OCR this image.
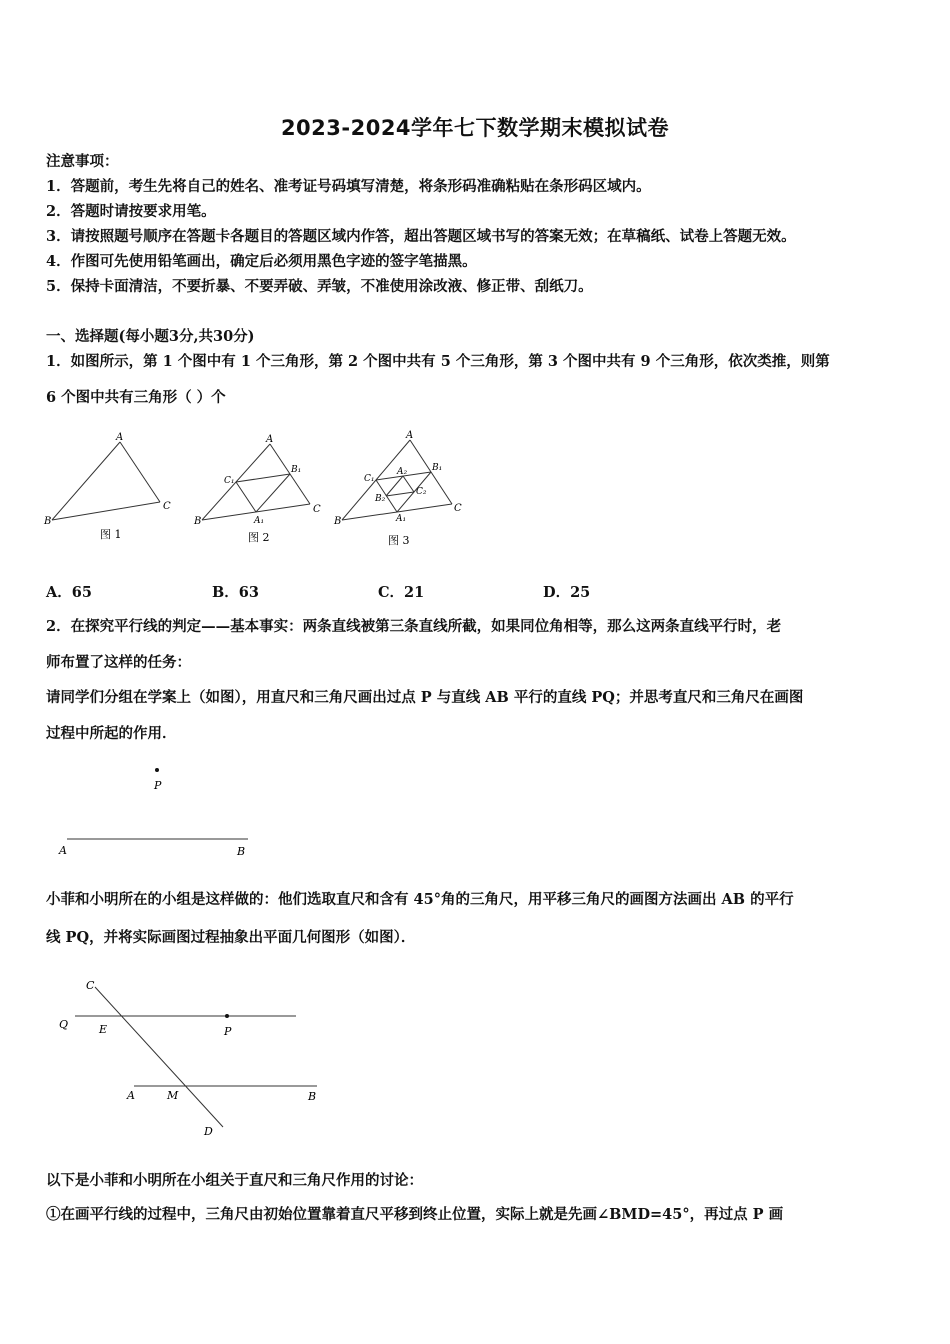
2023-2024学年七下数学期末模拟试卷
注意事项：
1．答题前，考生先将自己的姓名、准考证号码填写清楚，将条形码准确粘贴在条形码区域内。
2．答题时请按要求用笔。
3．请按照题号顺序在答题卡各题目的答题区域内作答，超出答题区域书写的答案无效；在草稿纸、试卷上答题无效。
4．作图可先使用铅笔画出，确定后必须用黑色字迹的签字笔描黑。
5．保持卡面清洁，不要折暴、不要弄破、弄皱，不准使用涂改液、修正带、刮纸刀。
一、选择题(每小题3分,共30分)
1．如图所示，第 1 个图中有 1 个三角形，第 2 个图中共有 5 个三角形，第 3 个图中共有 9 个三角形，依次类推，则第
6 个图中共有三角形（ ）个
A
B
C
图 1
A
B
C
C₁
B₁
A₁
图 2
A
B
C
C₁
B₁
A₂
B₂
C₂
A₁
图 3
A．65	B．63	C．21	D．25
2．在探究平行线的判定——基本事实：两条直线被第三条直线所截，如果同位角相等，那么这两条直线平行时，老
师布置了这样的任务：
请同学们分组在学案上（如图），用直尺和三角尺画出过点 P 与直线 AB 平行的直线 PQ；并思考直尺和三角尺在画图
过程中所起的作用．
P
A	B
小菲和小明所在的小组是这样做的：他们选取直尺和含有 45°角的三角尺，用平移三角尺的画图方法画出 AB 的平行
线 PQ，并将实际画图过程抽象出平面几何图形（如图）．
C
Q	E	P
A	M	B
D
以下是小菲和小明所在小组关于直尺和三角尺作用的讨论：
①在画平行线的过程中，三角尺由初始位置靠着直尺平移到终止位置，实际上就是先画∠BMD=45°，再过点 P 画
